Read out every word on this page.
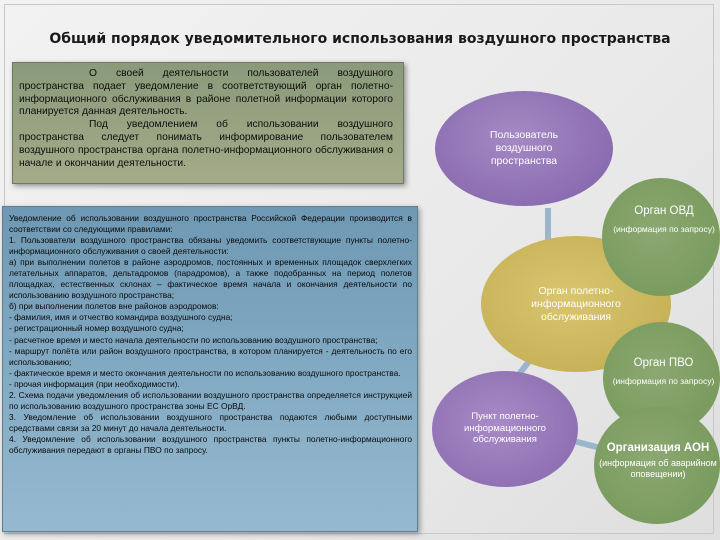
Общий порядок уведомительного использования воздушного пространства

О своей деятельности пользователей воздушного пространства подает уведомление в соответствующий орган полетно-информационного обслуживания в районе полетной информации которого планируется данная деятельность.

Под уведомлением об использовании воздушного пространства следует понимать информирование пользователем воздушного пространства органа полетно-информационного обслуживания о начале и окончании деятельности.

Уведомление об использовании воздушного пространства Российской Федерации производится в соответствии со следующими правилами:

1. Пользователи воздушного пространства обязаны уведомить соответствующие пункты полетно-информационного обслуживания о своей деятельности:

а) при выполнении полетов в районе аэродромов, постоянных и временных площадок сверхлегких летательных аппаратов, дельтадромов (парадромов), а также подобранных на период полетов площадках, естественных склонах – фактическое время начала и окончания деятельности по использованию воздушного пространства;

б) при выполнении полетов вне районов аэродромов:

- фамилия, имя и отчество командира воздушного судна;

- регистрационный номер воздушного судна;

- расчетное время и место начала деятельности по использованию воздушного пространства;

- маршрут полёта или район воздушного пространства, в котором планируется - деятельность по его использованию;

- фактическое время и место окончания деятельности по использованию воздушного пространства.

- прочая информация (при необходимости).

2. Схема подачи уведомления об использовании воздушного пространства определяется инструкцией по использованию воздушного пространства зоны ЕС ОрВД.

3. Уведомление об использовании воздушного пространства подаются любыми доступными средствами связи за 20 минут до начала деятельности.

4. Уведомление об использовании воздушного пространства пункты полетно-информационного обслуживания передают в органы ПВО по запросу.

Пользователь воздушного пространства
Орган полетно-информационного обслуживания
Пункт полетно-информационного обслуживания
Орган ОВД
(информация по запросу)
Орган ПВО
(информация по запросу)
Организация АОН
(информация об аварийном оповещении)
